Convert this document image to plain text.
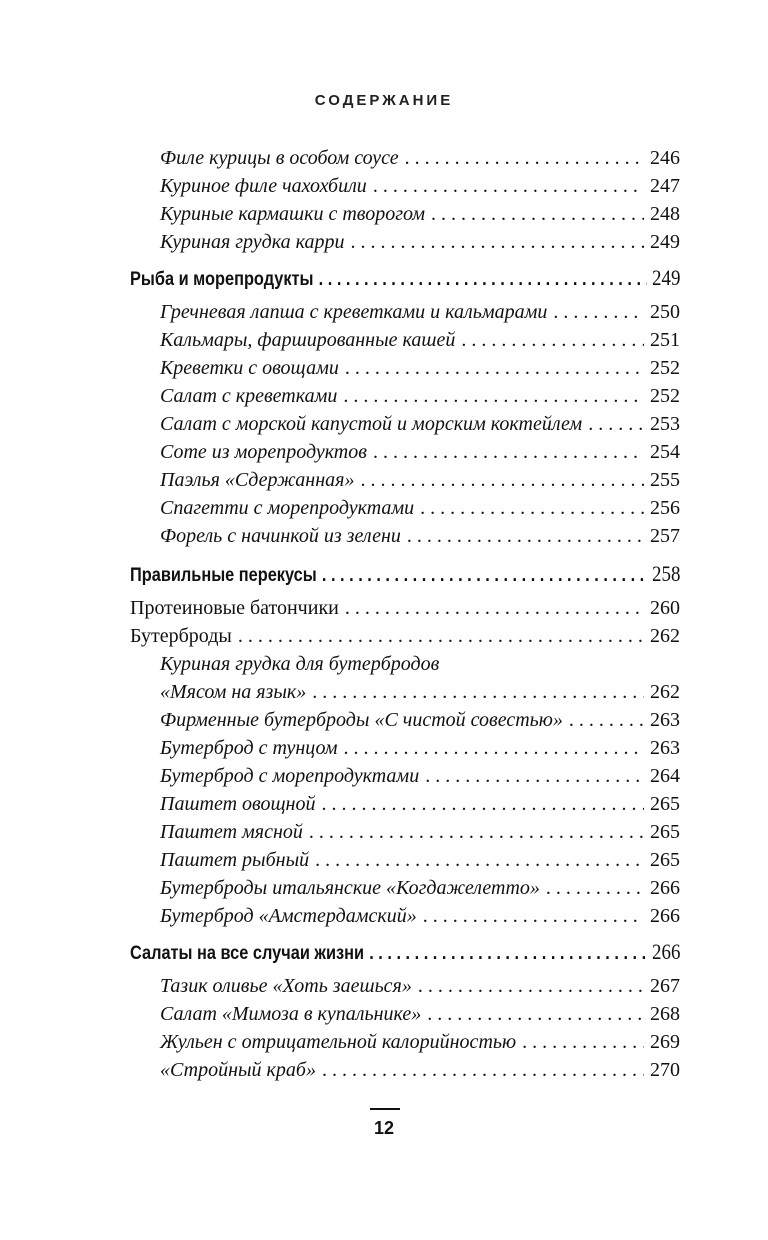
СОДЕРЖАНИЕ
Филе курицы в особом соусе . . .	246
Куриное филе чахохбили . . .	247
Куриные кармашки с творогом . . .	248
Куриная грудка карри . . .	249
Рыба и морепродукты . . .	249
Гречневая лапша с креветками и кальмарами . . .	250
Кальмары, фаршированные кашей . . .	251
Креветки с овощами . . .	252
Салат с креветками . . .	252
Салат с морской капустой и морским коктейлем . . .	253
Соте из морепродуктов . . .	254
Паэлья «Сдержанная» . . .	255
Спагетти с морепродуктами . . .	256
Форель с начинкой из зелени . . .	257
Правильные перекусы . . .	258
Протеиновые батончики . . .	260
Бутерброды . . .	262
Куриная грудка для бутербродов
«Мясом на язык» . . .	262
Фирменные бутерброды «С чистой совестью» . . .	263
Бутерброд с тунцом . . .	263
Бутерброд с морепродуктами . . .	264
Паштет овощной . . .	265
Паштет мясной . . .	265
Паштет рыбный . . .	265
Бутерброды итальянские «Когдажелетто» . . .	266
Бутерброд «Амстердамский» . . .	266
Салаты на все случаи жизни . . .	266
Тазик оливье «Хоть заешься» . . .	267
Салат «Мимоза в купальнике» . . .	268
Жульен с отрицательной калорийностью . . .	269
«Стройный краб» . . .	270
12
